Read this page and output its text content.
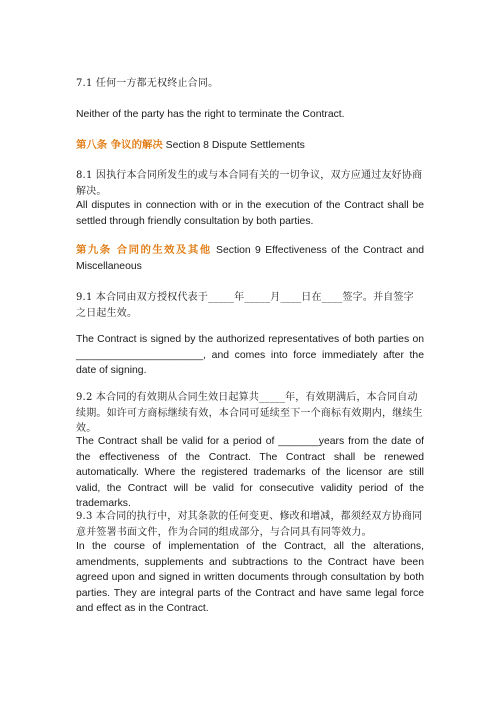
7.1 任何一方都无权终止合同。
Neither of the party has the right to terminate the Contract.
第八条 争议的解决 Section 8 Dispute Settlements
8.1 因执行本合同所发生的或与本合同有关的一切争议，双方应通过友好协商解决。
All disputes in connection with or in the execution of the Contract shall be settled through friendly consultation by both parties.
第九条 合同的生效及其他 Section 9 Effectiveness of the Contract and Miscellaneous
9.1 本合同由双方授权代表于_____年_____月____日在____签字。并自签字之日起生效。
The Contract is signed by the authorized representatives of both parties on ______________________, and comes into force immediately after the date of signing.
9.2 本合同的有效期从合同生效日起算共_____年，有效期满后，本合同自动续期。如许可方商标继续有效，本合同可延续至下一个商标有效期内，继续生效。
The Contract shall be valid for a period of _______years from the date of the effectiveness of the Contract. The Contract shall be renewed automatically. Where the registered trademarks of the licensor are still valid, the Contract will be valid for consecutive validity period of the trademarks.
9.3 本合同的执行中，对其条款的任何变更、修改和增减，都须经双方协商同意并签署书面文件，作为合同的组成部分，与合同具有同等效力。
In the course of implementation of the Contract, all the alterations, amendments, supplements and subtractions to the Contract have been agreed upon and signed in written documents through consultation by both parties. They are integral parts of the Contract and have same legal force and effect as in the Contract.
